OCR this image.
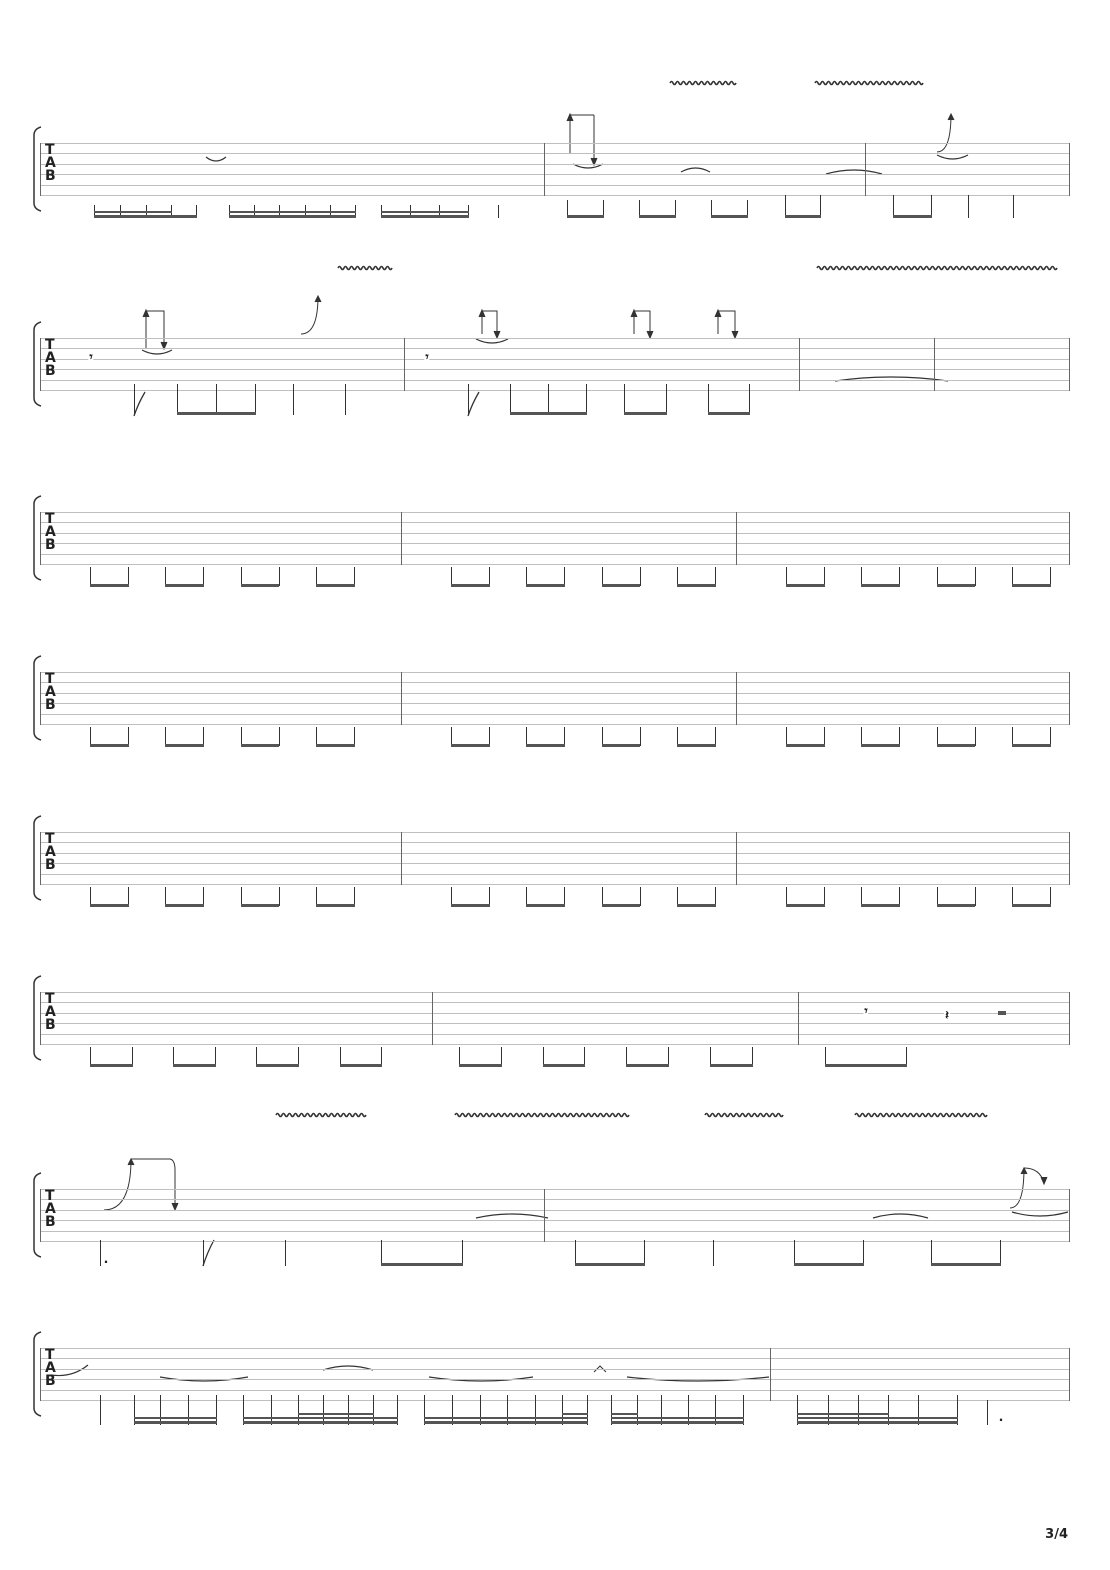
T
A
B
T
A
B
𝄾	𝄾
T
A
B
T
A
B
T
A
B
T
A
B
𝄾	𝄽
T
A
B
.
T
A
B
.
3/4
